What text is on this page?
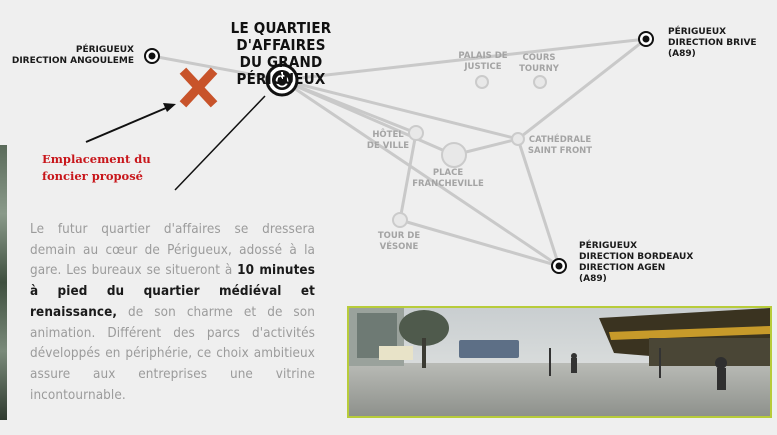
LE QUARTIER D'AFFAIRES
DU GRAND PÉRIGUEUX
PÉRIGUEUX
DIRECTION ANGOULEME
PÉRIGUEUX
DIRECTION BRIVE
(A89)
PÉRIGUEUX
DIRECTION BORDEAUX
DIRECTION AGEN
(A89)
PALAIS DE
JUSTICE
COURS
TOURNY
HÔTEL
DE VILLE
CATHÉDRALE
SAINT FRONT
PLACE
FRANCHEVILLE
TOUR DE
VÉSONE
Emplacement du
foncier proposé
Le futur quartier d'affaires se dressera demain au cœur de Périgueux, adossé à la gare. Les bureaux se situeront à 10 minutes à pied du quartier médiéval et renaissance, de son charme et de son animation. Différent des parcs d'activités développés en périphérie, ce choix ambitieux assure aux entreprises une vitrine incontournable.
